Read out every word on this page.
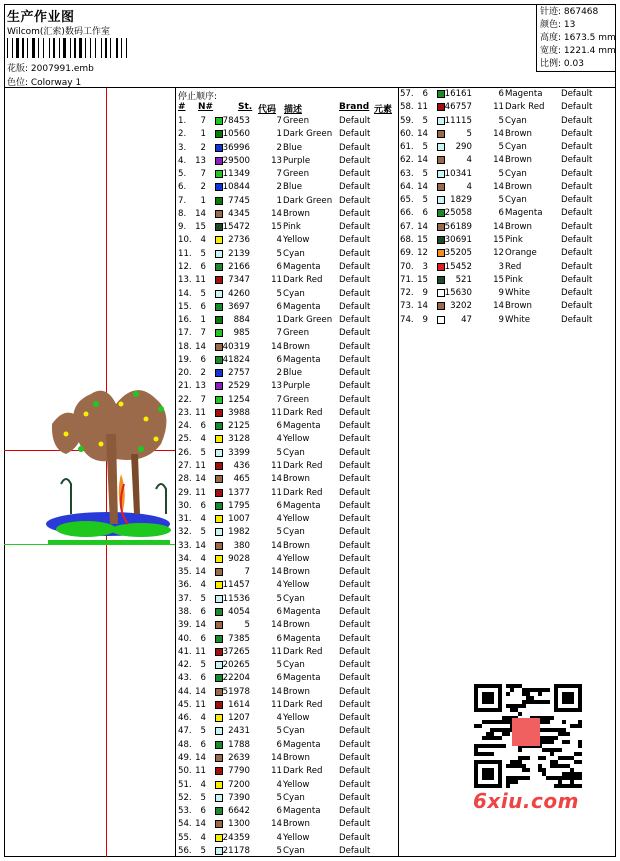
生产作业图
Wilcom(汇索)数码工作室
花版: 2007991.emb
色位: Colorway 1
针迹: 867468
颜色: 13
高度: 1673.5 mm
宽度: 1221.4 mm
比例: 0.03
停止顺序:
# N#	St. 代码 描述	Brand 元素
1.	7	78453	7 Green	Default
2.	1	10560	1 Dark Green Default
3.	2	36996	2 Blue	Default
4.	13	29500	13 Purple	Default
5.	7	11349	7 Green	Default
6.	2	10844	2 Blue	Default
7.	1	7745	1 Dark Green Default
8.	14	4345	14 Brown	Default
9.	15	15472	15 Pink	Default
10.	4	2736	4 Yellow	Default
11.	5	2139	5 Cyan	Default
12.	6	2166	6 Magenta	Default
13. 11	7347	11 Dark Red	Default
14.	5	4260	5 Cyan	Default
15.	6	3697	6 Magenta	Default
16.	1	884	1 Dark Green Default
17.	7	985	7 Green	Default
18. 14	40319	14 Brown	Default
19.	6	41824	6 Magenta	Default
20.	2	2757	2 Blue	Default
21. 13	2529	13 Purple	Default
22.	7	1254	7 Green	Default
23. 11	3988	11 Dark Red	Default
24.	6	2125	6 Magenta	Default
25.	4	3128	4 Yellow	Default
26.	5	3399	5 Cyan	Default
27. 11	436	11 Dark Red	Default
28. 14	465	14 Brown	Default
29. 11	1377	11 Dark Red	Default
30.	6	1795	6 Magenta	Default
31.	4	1007	4 Yellow	Default
32.	5	1982	5 Cyan	Default
33. 14	380	14 Brown	Default
34.	4	9028	4 Yellow	Default
35. 14	7	14 Brown	Default
36.	4	11457	4 Yellow	Default
37.	5	11536	5 Cyan	Default
38.	6	4054	6 Magenta	Default
39. 14	5	14 Brown	Default
40.	6	7385	6 Magenta	Default
41. 11	37265	11 Dark Red	Default
42.	5	20265	5 Cyan	Default
43.	6	22204	6 Magenta	Default
44. 14	51978	14 Brown	Default
45. 11	1614	11 Dark Red	Default
46.	4	1207	4 Yellow	Default
47.	5	2431	5 Cyan	Default
48.	6	1788	6 Magenta	Default
49. 14	2639	14 Brown	Default
50. 11	7790	11 Dark Red	Default
51.	4	7200	4 Yellow	Default
52.	5	7390	5 Cyan	Default
53.	6	6642	6 Magenta	Default
54. 14	1300	14 Brown	Default
55.	4	24359	4 Yellow	Default
56.	5	21178	5 Cyan	Default
57.	6	16161	6 Magenta	Default
58. 11	46757	11 Dark Red	Default
59.	5	11115	5 Cyan	Default
60. 14	5	14 Brown	Default
61.	5	290	5 Cyan	Default
62. 14	4	14 Brown	Default
63.	5	10341	5 Cyan	Default
64. 14	4	14 Brown	Default
65.	5	1829	5 Cyan	Default
66.	6	25058	6 Magenta	Default
67. 14	56189	14 Brown	Default
68. 15	30691	15 Pink	Default
69. 12	35205	12 Orange	Default
70.	3	15452	3 Red	Default
71. 15	521	15 Pink	Default
72.	9	15630	9 White	Default
73. 14	3202	14 Brown	Default
74.	9	47	9 White	Default
6xiu.com
